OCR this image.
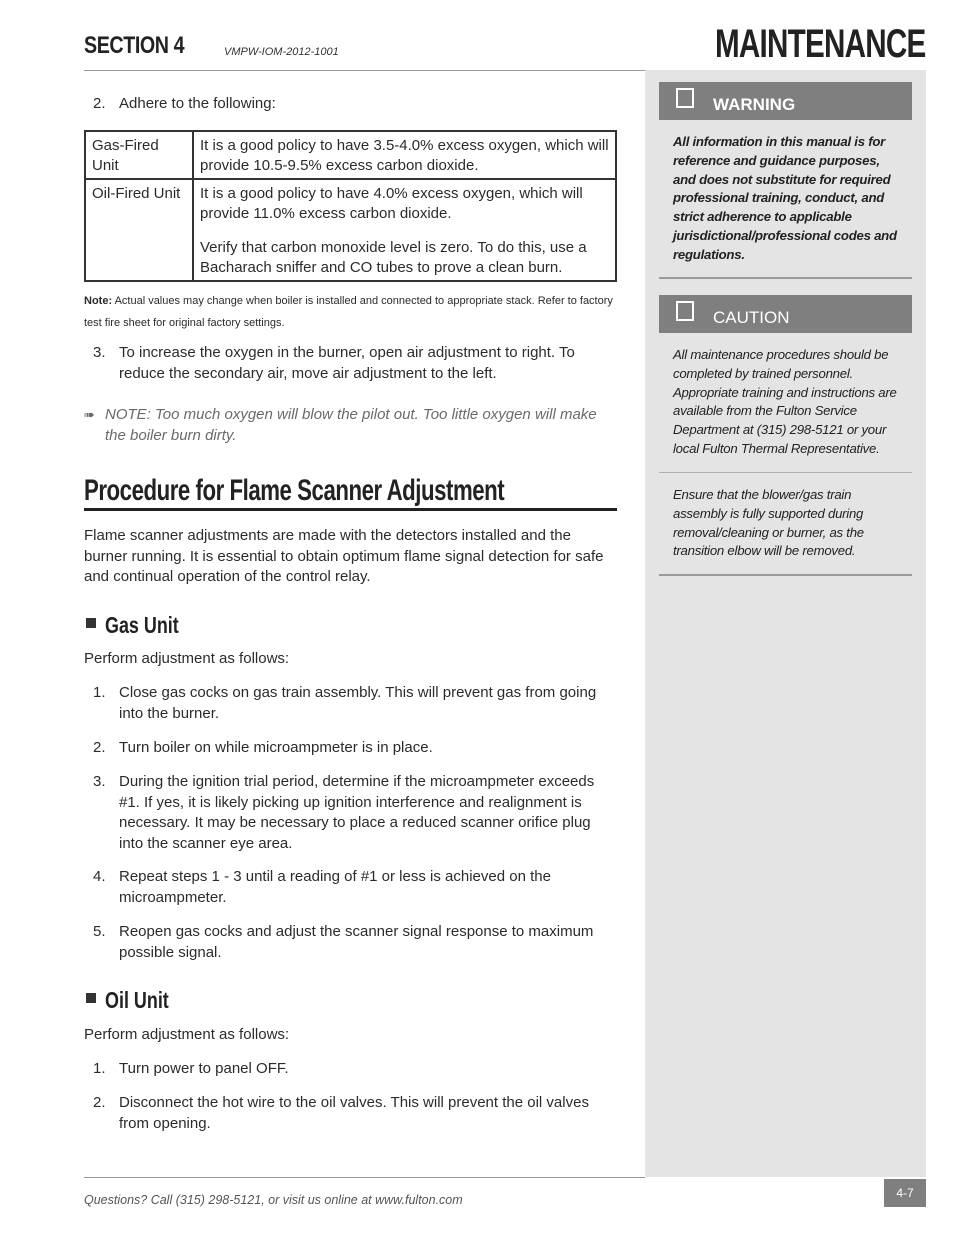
SECTION 4	VMPW-IOM-2012-1001	MAINTENANCE
WARNING
All information in this manual is for reference and guidance purposes, and does not substitute for required professional training, conduct, and strict adherence to applicable jurisdictional/professional codes and regulations.
CAUTION
All maintenance procedures should be completed by trained personnel. Appropriate training and instructions are available from the Fulton Service Department at (315) 298-5121 or your local Fulton Thermal Representative.
Ensure that the blower/gas train assembly is fully supported during removal/cleaning or burner, as the transition elbow will be removed.
2. Adhere to the following:
Gas-Fired Unit	It is a good policy to have 3.5-4.0% excess oxygen, which will provide 10.5-9.5% excess carbon dioxide.

Oil-Fired Unit	It is a good policy to have 4.0% excess oxygen, which will provide 11.0% excess carbon dioxide.

Verify that carbon monoxide level is zero. To do this, use a Bacharach sniffer and CO tubes to prove a clean burn.

Note: Actual values may change when boiler is installed and connected to appropriate stack. Refer to factory test fire sheet for original factory settings.
3. To increase the oxygen in the burner, open air adjustment to right. To reduce the secondary air, move air adjustment to the left.
➠ NOTE: Too much oxygen will blow the pilot out. Too little oxygen will make the boiler burn dirty.
Procedure for Flame Scanner Adjustment
Flame scanner adjustments are made with the detectors installed and the burner running. It is essential to obtain optimum flame signal detection for safe and continual operation of the control relay.
Gas Unit
Perform adjustment as follows:
1. Close gas cocks on gas train assembly. This will prevent gas from going into the burner.
2. Turn boiler on while microampmeter is in place.
3. During the ignition trial period, determine if the microampmeter exceeds #1. If yes, it is likely picking up ignition interference and realignment is necessary. It may be necessary to place a reduced scanner orifice plug into the scanner eye area.
4. Repeat steps 1 - 3 until a reading of #1 or less is achieved on the microampmeter.
5. Reopen gas cocks and adjust the scanner signal response to maximum possible signal.
Oil Unit
Perform adjustment as follows:
1. Turn power to panel OFF.
2. Disconnect the hot wire to the oil valves. This will prevent the oil valves from opening.
Questions? Call (315) 298-5121, or visit us online at www.fulton.com	4-7
